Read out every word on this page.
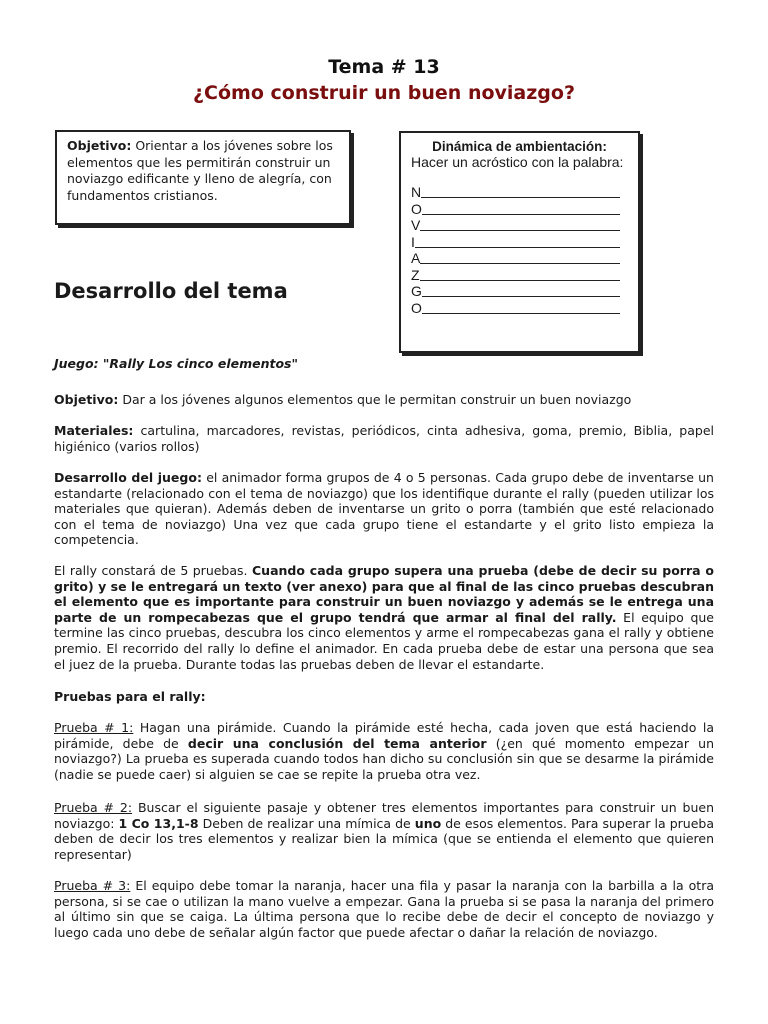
Tema # 13
¿Cómo construir un buen noviazgo?
Objetivo: Orientar a los jóvenes sobre los elementos que les permitirán construir un noviazgo edificante y lleno de alegría, con fundamentos cristianos.
Dinámica de ambientación:
Hacer un acróstico con la palabra:
N
O
V
I
A
Z
G
O
Desarrollo del tema
Juego: "Rally Los cinco elementos"
Objetivo: Dar a los jóvenes algunos elementos que le permitan construir un buen noviazgo
Materiales: cartulina, marcadores, revistas, periódicos, cinta adhesiva, goma, premio, Biblia, papel higiénico (varios rollos)
Desarrollo del juego: el animador forma grupos de 4 o 5 personas. Cada grupo debe de inventarse un estandarte (relacionado con el tema de noviazgo) que los identifique durante el rally (pueden utilizar los materiales que quieran). Además deben de inventarse un grito o porra (también que esté relacionado con el tema de noviazgo) Una vez que cada grupo tiene el estandarte y el grito listo empieza la competencia.
El rally constará de 5 pruebas. Cuando cada grupo supera una prueba (debe de decir su porra o grito) y se le entregará un texto (ver anexo) para que al final de las cinco pruebas descubran el elemento que es importante para construir un buen noviazgo y además se le entrega una parte de un rompecabezas que el grupo tendrá que armar al final del rally. El equipo que termine las cinco pruebas, descubra los cinco elementos y arme el rompecabezas gana el rally y obtiene premio. El recorrido del rally lo define el animador. En cada prueba debe de estar una persona que sea el juez de la prueba. Durante todas las pruebas deben de llevar el estandarte.
Pruebas para el rally:
Prueba # 1: Hagan una pirámide. Cuando la pirámide esté hecha, cada joven que está haciendo la pirámide, debe de decir una conclusión del tema anterior (¿en qué momento empezar un noviazgo?) La prueba es superada cuando todos han dicho su conclusión sin que se desarme la pirámide (nadie se puede caer) si alguien se cae se repite la prueba otra vez.
Prueba # 2: Buscar el siguiente pasaje y obtener tres elementos importantes para construir un buen noviazgo: 1 Co 13,1-8 Deben de realizar una mímica de uno de esos elementos. Para superar la prueba deben de decir los tres elementos y realizar bien la mímica (que se entienda el elemento que quieren representar)
Prueba # 3: El equipo debe tomar la naranja, hacer una fila y pasar la naranja con la barbilla a la otra persona, si se cae o utilizan la mano vuelve a empezar. Gana la prueba si se pasa la naranja del primero al último sin que se caiga. La última persona que lo recibe debe de decir el concepto de noviazgo y luego cada uno debe de señalar algún factor que puede afectar o dañar la relación de noviazgo.
